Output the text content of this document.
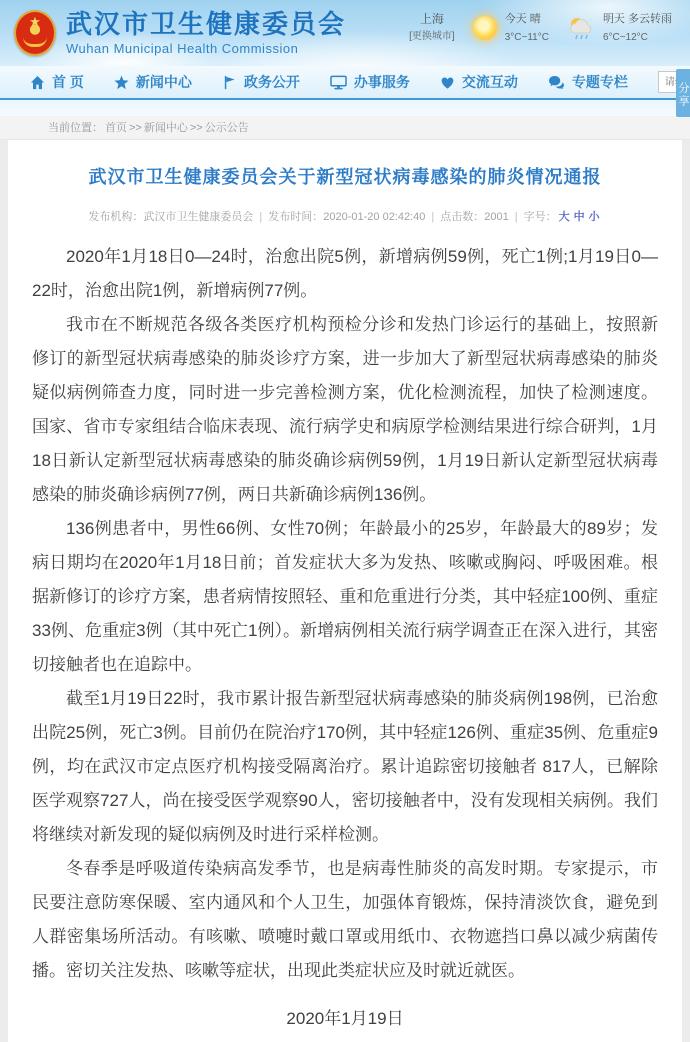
★
武汉市卫生健康委员会
Wuhan Municipal Health Commission
上海
[更换城市]
今天 晴
3°C~11°C
明天 多云转雨
6°C~12°C
首 页	新闻中心	政务公开	办事服务	交流互动	专题专栏
请输入搜索内容	分享
当前位置： 首页 >> 新闻中心 >> 公示公告
武汉市卫生健康委员会关于新型冠状病毒感染的肺炎情况通报
发布机构：武汉市卫生健康委员会 | 发布时间：2020-01-20 02:42:40 | 点击数：2001 | 字号： 大 中 小

2020年1月18日0—24时，治愈出院5例，新增病例59例，死亡1例;1月19日0—22时，治愈出院1例，新增病例77例。

我市在不断规范各级各类医疗机构预检分诊和发热门诊运行的基础上，按照新修订的新型冠状病毒感染的肺炎诊疗方案，进一步加大了新型冠状病毒感染的肺炎疑似病例筛查力度，同时进一步完善检测方案，优化检测流程，加快了检测速度。国家、省市专家组结合临床表现、流行病学史和病原学检测结果进行综合研判，1月18日新认定新型冠状病毒感染的肺炎确诊病例59例，1月19日新认定新型冠状病毒感染的肺炎确诊病例77例，两日共新确诊病例136例。

136例患者中，男性66例、女性70例；年龄最小的25岁，年龄最大的89岁；发病日期均在2020年1月18日前；首发症状大多为发热、咳嗽或胸闷、呼吸困难。根据新修订的诊疗方案，患者病情按照轻、重和危重进行分类，其中轻症100例、重症33例、危重症3例（其中死亡1例）。新增病例相关流行病学调查正在深入进行，其密切接触者也在追踪中。

截至1月19日22时，我市累计报告新型冠状病毒感染的肺炎病例198例，已治愈出院25例，死亡3例。目前仍在院治疗170例，其中轻症126例、重症35例、危重症9例，均在武汉市定点医疗机构接受隔离治疗。累计追踪密切接触者 817人，已解除医学观察727人，尚在接受医学观察90人，密切接触者中，没有发现相关病例。我们将继续对新发现的疑似病例及时进行采样检测。

冬春季是呼吸道传染病高发季节，也是病毒性肺炎的高发时期。专家提示，市民要注意防寒保暖、室内通风和个人卫生，加强体育锻炼，保持清淡饮食，避免到人群密集场所活动。有咳嗽、喷嚏时戴口罩或用纸巾、衣物遮挡口鼻以减少病菌传播。密切关注发热、咳嗽等症状，出现此类症状应及时就近就医。

2020年1月19日
